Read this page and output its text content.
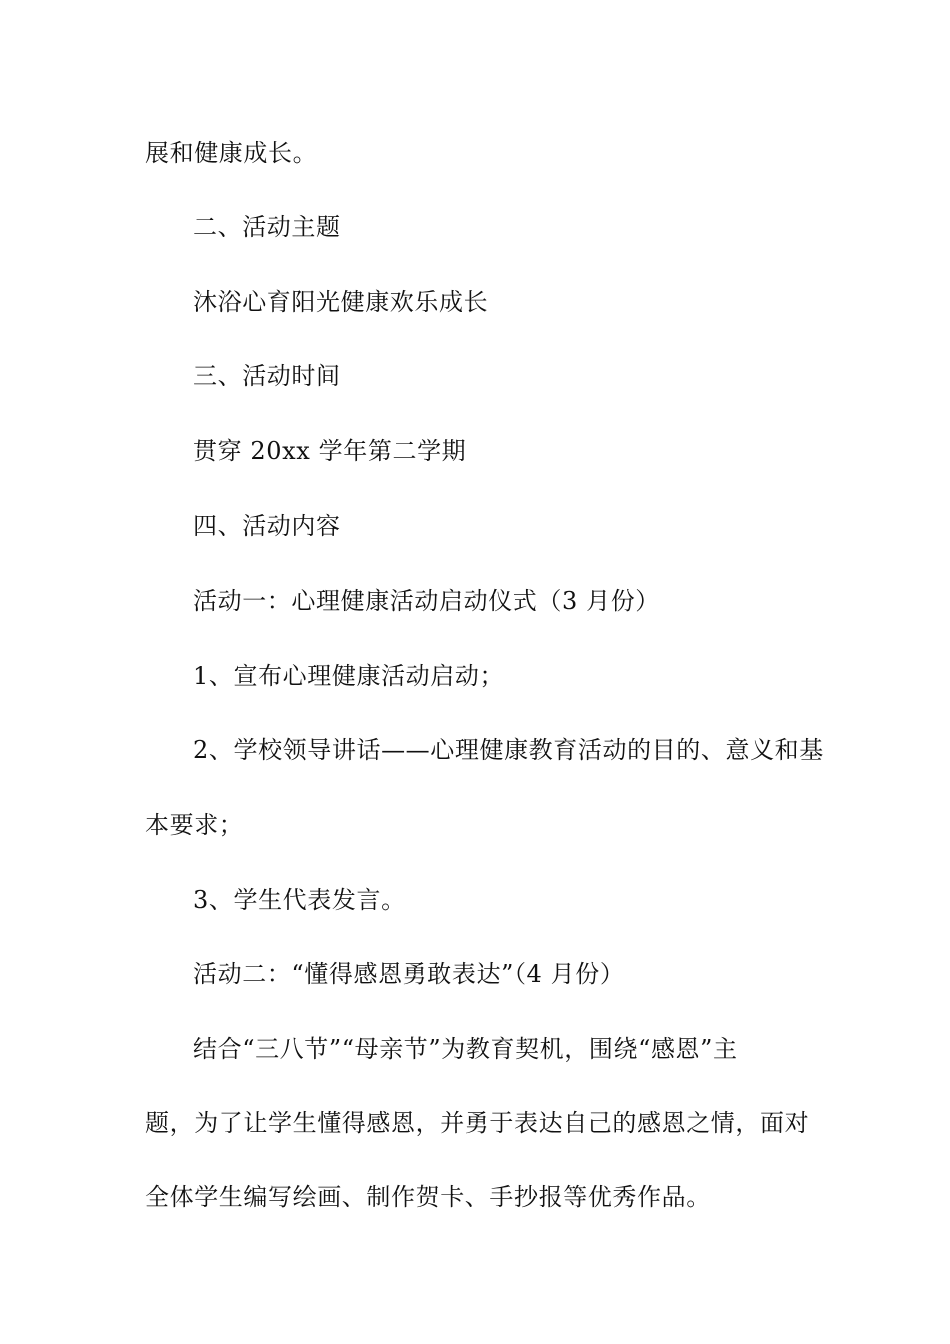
展和健康成长。
二、活动主题
沐浴心育阳光健康欢乐成长
三、活动时间
贯穿 20xx 学年第二学期
四、活动内容
活动一：心理健康活动启动仪式（3 月份）
1、宣布心理健康活动启动；
2、学校领导讲话——心理健康教育活动的目的、意义和基
本要求；
3、学生代表发言。
活动二：“懂得感恩勇敢表达”（4 月份）
结合“三八节”“母亲节”为教育契机，围绕“感恩”主
题，为了让学生懂得感恩，并勇于表达自己的感恩之情，面对
全体学生编写绘画、制作贺卡、手抄报等优秀作品。
